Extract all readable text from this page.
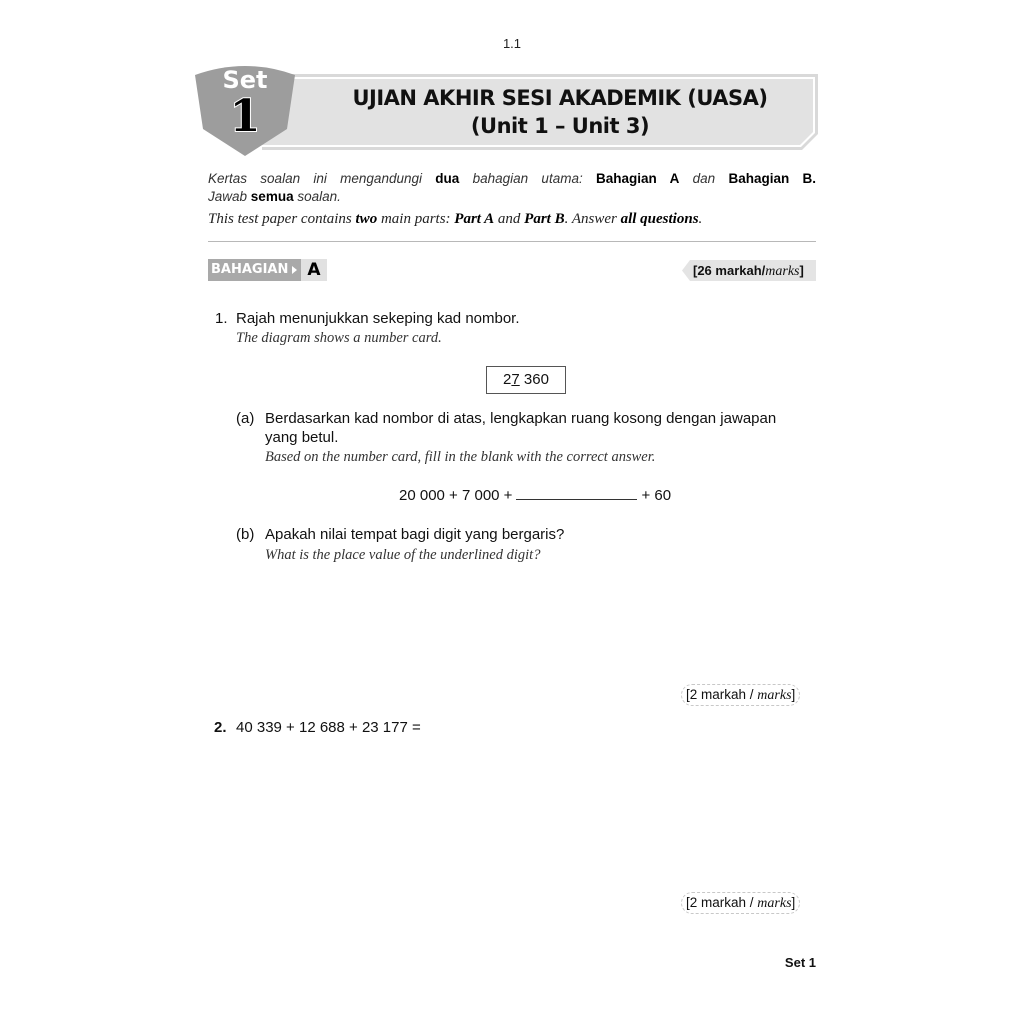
1.1
UJIAN AKHIR SESI AKADEMIK (UASA)
(Unit 1 – Unit 3)
Set
1
Kertas soalan ini mengandungi dua bahagian utama: Bahagian A dan Bahagian B.
Jawab semua soalan.
This test paper contains two main parts: Part A and Part B. Answer all questions.
BAHAGIAN	A	[26 markah/marks]
1. Rajah menunjukkan sekeping kad nombor.
The diagram shows a number card.
27 360
(a) Berdasarkan kad nombor di atas, lengkapkan ruang kosong dengan jawapan
yang betul.
Based on the number card, fill in the blank with the correct answer.
20 000 + 7 000 +	+ 60
(b) Apakah nilai tempat bagi digit yang bergaris?
What is the place value of the underlined digit?
[2 markah / marks]
2. 40 339 + 12 688 + 23 177 =
[2 markah / marks]
Set 1
